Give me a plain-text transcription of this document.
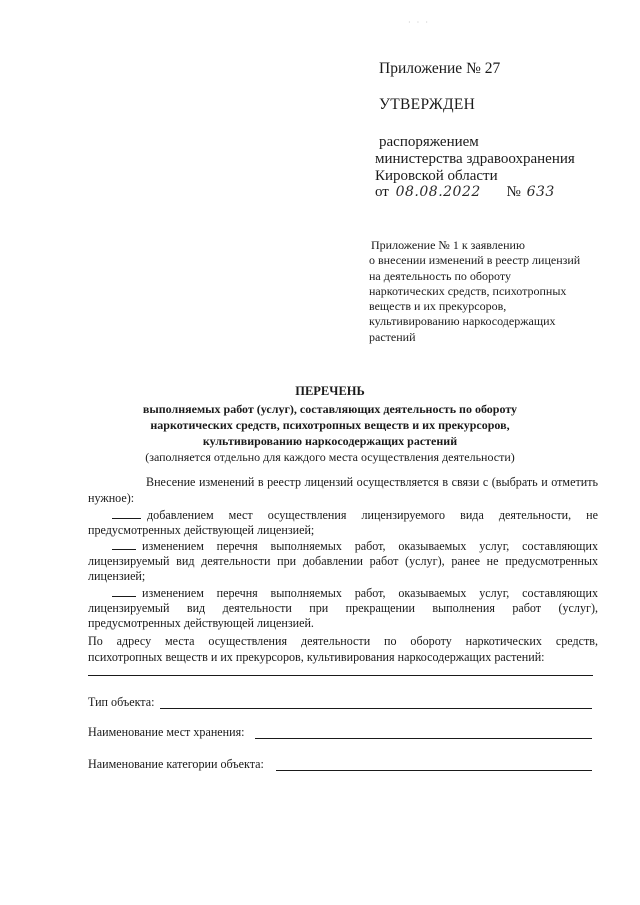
· · ·
Приложение № 27
УТВЕРЖДЕН
распоряжением
министерства здравоохранения
Кировской области
от 08.08.2022 № 633
Приложение № 1 к заявлению
о внесении изменений в реестр лицензий
на деятельность по обороту
наркотических средств, психотропных
веществ и их прекурсоров,
культивированию наркосодержащих
растений
ПЕРЕЧЕНЬ
выполняемых работ (услуг), составляющих деятельность по обороту
наркотических средств, психотропных веществ и их прекурсоров,
культивированию наркосодержащих растений
(заполняется отдельно для каждого места осуществления деятельности)
Внесение изменений в реестр лицензий осуществляется в связи с (выбрать и отметить
нужное):
добавлением мест осуществления лицензируемого вида деятельности, не
предусмотренных действующей лицензией;
изменением перечня выполняемых работ, оказываемых услуг, составляющих
лицензируемый вид деятельности при добавлении работ (услуг), ранее не предусмотренных
лицензией;
изменением перечня выполняемых работ, оказываемых услуг, составляющих
лицензируемый вид деятельности при прекращении выполнения работ (услуг),
предусмотренных действующей лицензией.
По адресу места осуществления деятельности по обороту наркотических средств,
психотропных веществ и их прекурсоров, культивирования наркосодержащих растений:
Тип объекта:
Наименование мест хранения:
Наименование категории объекта:
